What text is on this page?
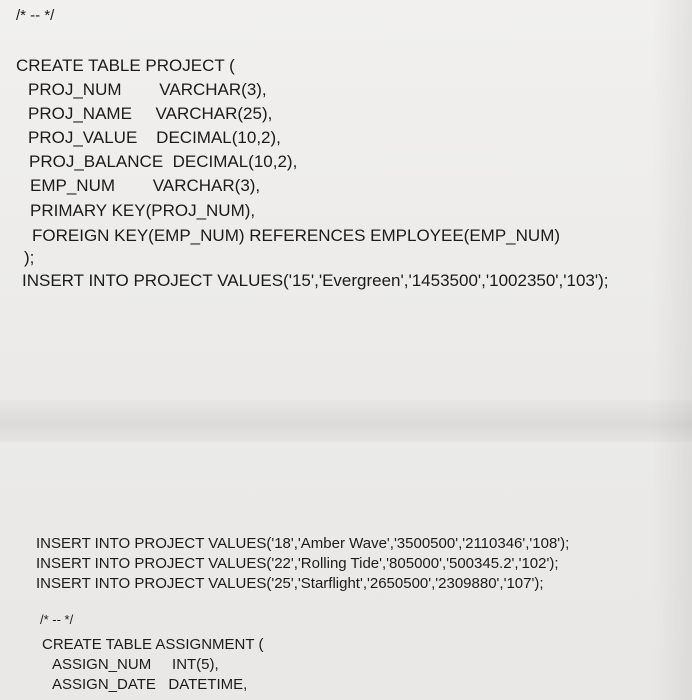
/* -- */
CREATE TABLE PROJECT (
PROJ_NUM        VARCHAR(3),
PROJ_NAME     VARCHAR(25),
PROJ_VALUE    DECIMAL(10,2),
PROJ_BALANCE  DECIMAL(10,2),
EMP_NUM        VARCHAR(3),
PRIMARY KEY(PROJ_NUM),
FOREIGN KEY(EMP_NUM) REFERENCES EMPLOYEE(EMP_NUM)
);
INSERT INTO PROJECT VALUES('15','Evergreen','1453500','1002350','103');
INSERT INTO PROJECT VALUES('18','Amber Wave','3500500','2110346','108');
INSERT INTO PROJECT VALUES('22','Rolling Tide','805000','500345.2','102');
INSERT INTO PROJECT VALUES('25','Starflight','2650500','2309880','107');
/* -- */
CREATE TABLE ASSIGNMENT (
ASSIGN_NUM     INT(5),
ASSIGN_DATE   DATETIME,
